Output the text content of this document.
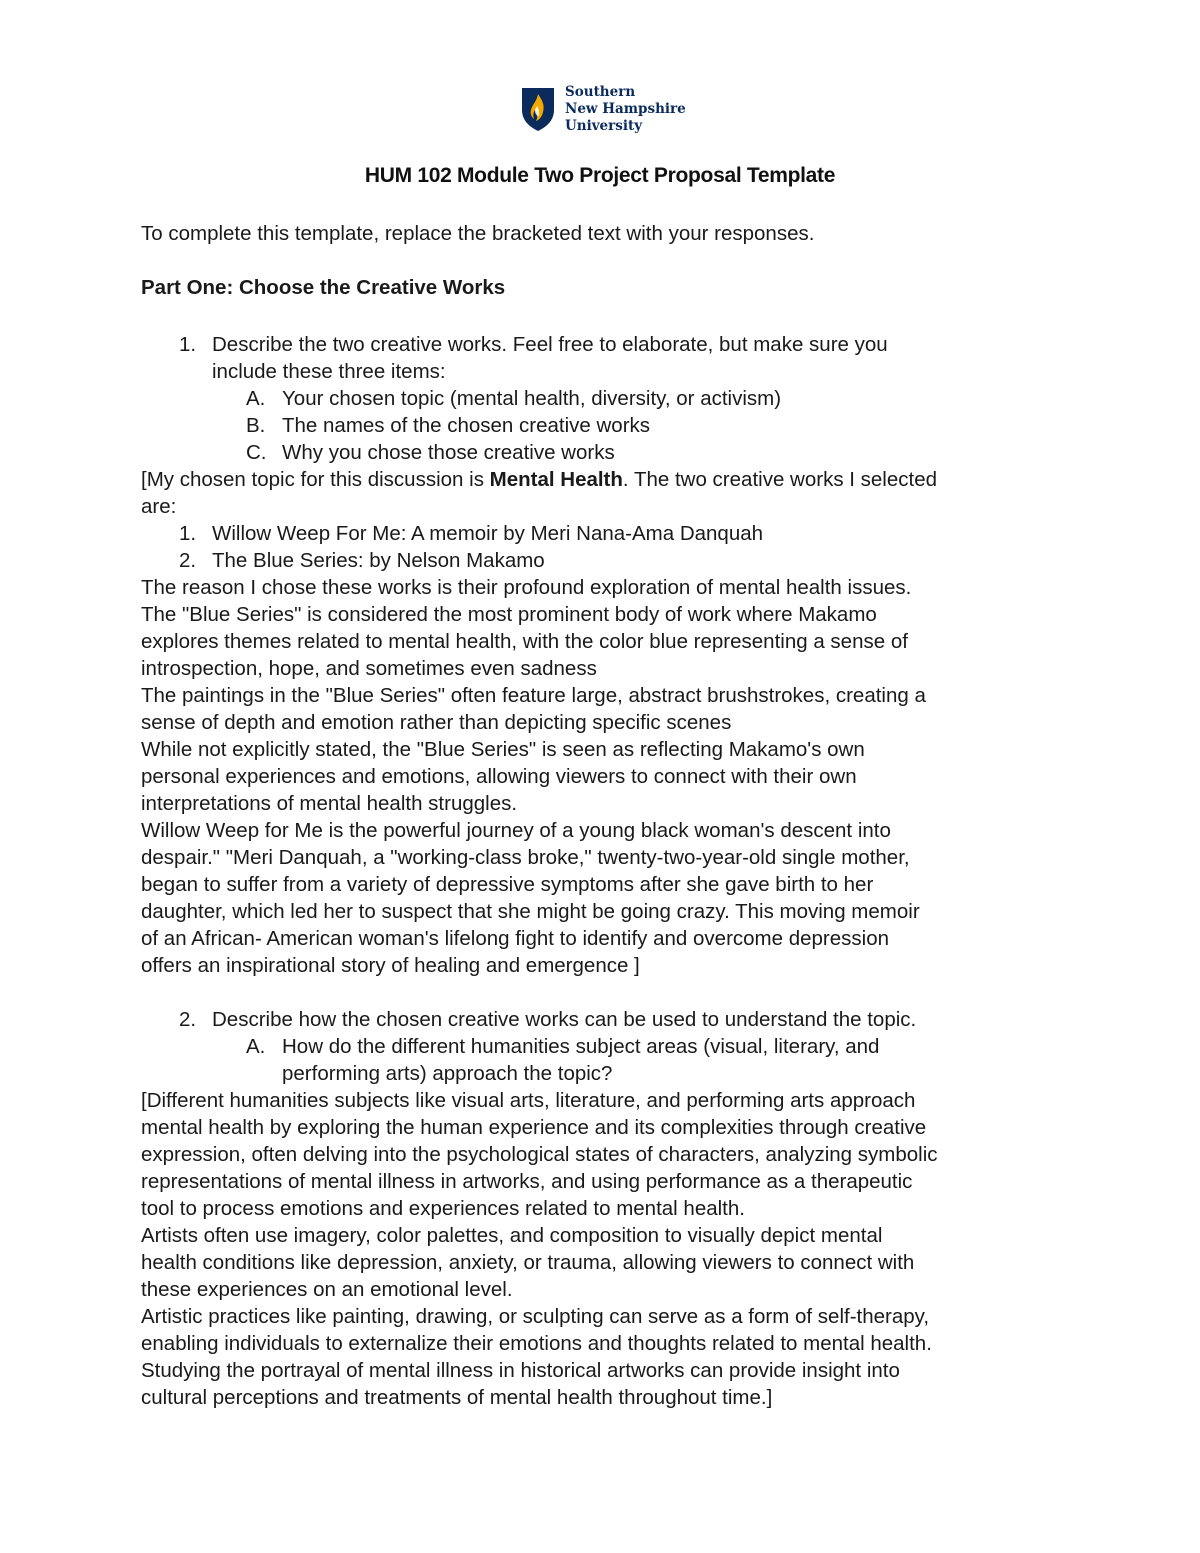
Southern
New Hampshire
University
HUM 102 Module Two Project Proposal Template
To complete this template, replace the bracketed text with your responses.
Part One: Choose the Creative Works
1. Describe the two creative works. Feel free to elaborate, but make sure you
include these three items:
A. Your chosen topic (mental health, diversity, or activism)
B. The names of the chosen creative works
C. Why you chose those creative works
[My chosen topic for this discussion is Mental Health. The two creative works I selected
are:
1. Willow Weep For Me: A memoir by Meri Nana-Ama Danquah
2. The Blue Series: by Nelson Makamo
The reason I chose these works is their profound exploration of mental health issues.
The "Blue Series" is considered the most prominent body of work where Makamo
explores themes related to mental health, with the color blue representing a sense of
introspection, hope, and sometimes even sadness
The paintings in the "Blue Series" often feature large, abstract brushstrokes, creating a
sense of depth and emotion rather than depicting specific scenes
While not explicitly stated, the "Blue Series" is seen as reflecting Makamo's own
personal experiences and emotions, allowing viewers to connect with their own
interpretations of mental health struggles.
Willow Weep for Me is the powerful journey of a young black woman's descent into
despair." "Meri Danquah, a "working-class broke," twenty-two-year-old single mother,
began to suffer from a variety of depressive symptoms after she gave birth to her
daughter, which led her to suspect that she might be going crazy. This moving memoir
of an African- American woman's lifelong fight to identify and overcome depression
offers an inspirational story of healing and emergence ]
2. Describe how the chosen creative works can be used to understand the topic.
A. How do the different humanities subject areas (visual, literary, and
performing arts) approach the topic?
[Different humanities subjects like visual arts, literature, and performing arts approach
mental health by exploring the human experience and its complexities through creative
expression, often delving into the psychological states of characters, analyzing symbolic
representations of mental illness in artworks, and using performance as a therapeutic
tool to process emotions and experiences related to mental health.
Artists often use imagery, color palettes, and composition to visually depict mental
health conditions like depression, anxiety, or trauma, allowing viewers to connect with
these experiences on an emotional level.
Artistic practices like painting, drawing, or sculpting can serve as a form of self-therapy,
enabling individuals to externalize their emotions and thoughts related to mental health.
Studying the portrayal of mental illness in historical artworks can provide insight into
cultural perceptions and treatments of mental health throughout time.]
